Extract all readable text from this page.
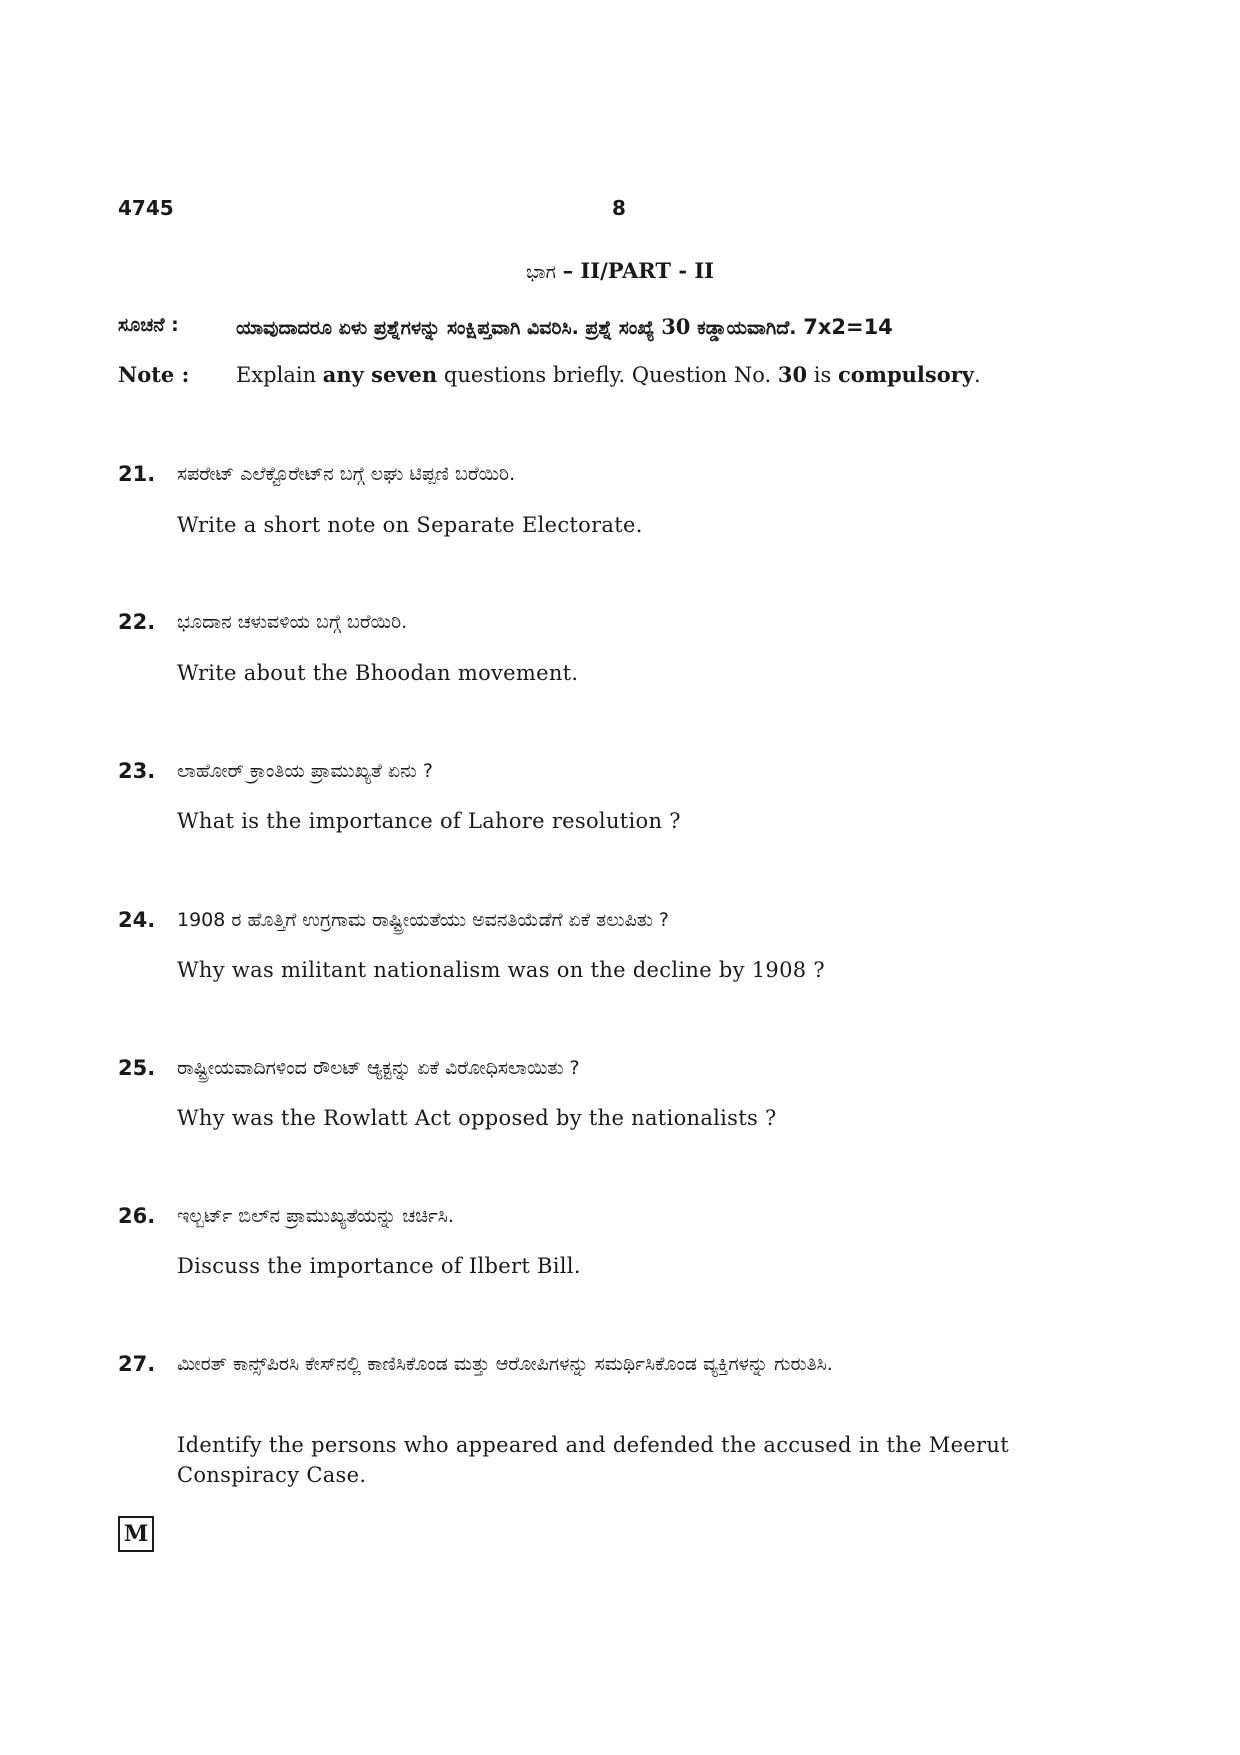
4745	8
ಭಾಗ – II/PART - II
ಸೂಚನೆ :	ಯಾವುದಾದರೂ ಏಳು ಪ್ರಶ್ನೆಗಳನ್ನು ಸಂಕ್ಷಿಪ್ತವಾಗಿ ವಿವರಿಸಿ. ಪ್ರಶ್ನೆ ಸಂಖ್ಯೆ 30 ಕಡ್ಡಾಯವಾಗಿದೆ. 7x2=14
Note : Explain any seven questions briefly. Question No. 30 is compulsory.
21. ಸಪರೇಟ್ ಎಲೆಕ್ಟೊರೇಟ್‌ನ ಬಗ್ಗೆ ಲಘು ಟಿಪ್ಪಣಿ ಬರೆಯಿರಿ.
Write a short note on Separate Electorate.
22. ಭೂದಾನ ಚಳುವಳಿಯ ಬಗ್ಗೆ ಬರೆಯಿರಿ.
Write about the Bhoodan movement.
23. ಲಾಹೋರ್ ಕ್ರಾಂತಿಯ ಪ್ರಾಮುಖ್ಯತೆ ಏನು ?
What is the importance of Lahore resolution ?
24. 1908 ರ ಹೊತ್ತಿಗೆ ಉಗ್ರಗಾಮ ರಾಷ್ಟ್ರೀಯತೆಯು ಅವನತಿಯೆಡೆಗೆ ಏಕೆ ತಲುಪಿತು ?
Why was militant nationalism was on the decline by 1908 ?
25. ರಾಷ್ಟ್ರೀಯವಾದಿಗಳಿಂದ ರೌಲಟ್ ಆ್ಯಕ್ಟನ್ನು ಏಕೆ ವಿರೋಧಿಸಲಾಯಿತು ?
Why was the Rowlatt Act opposed by the nationalists ?
26. ಇಲ್ಬರ್ಟ್ ಬಿಲ್‌ನ ಪ್ರಾಮುಖ್ಯತೆಯನ್ನು ಚರ್ಚಿಸಿ.
Discuss the importance of Ilbert Bill.
27. ಮೀರತ್ ಕಾನ್ಸ್‌ಪಿರಸಿ ಕೇಸ್‌ನಲ್ಲಿ ಕಾಣಿಸಿಕೊಂಡ ಮತ್ತು ಆರೋಪಿಗಳನ್ನು ಸಮರ್ಥಿಸಿಕೊಂಡ ವ್ಯಕ್ತಿಗಳನ್ನು ಗುರುತಿಸಿ.
Identify the persons who appeared and defended the accused in the Meerut Conspiracy Case.
M
